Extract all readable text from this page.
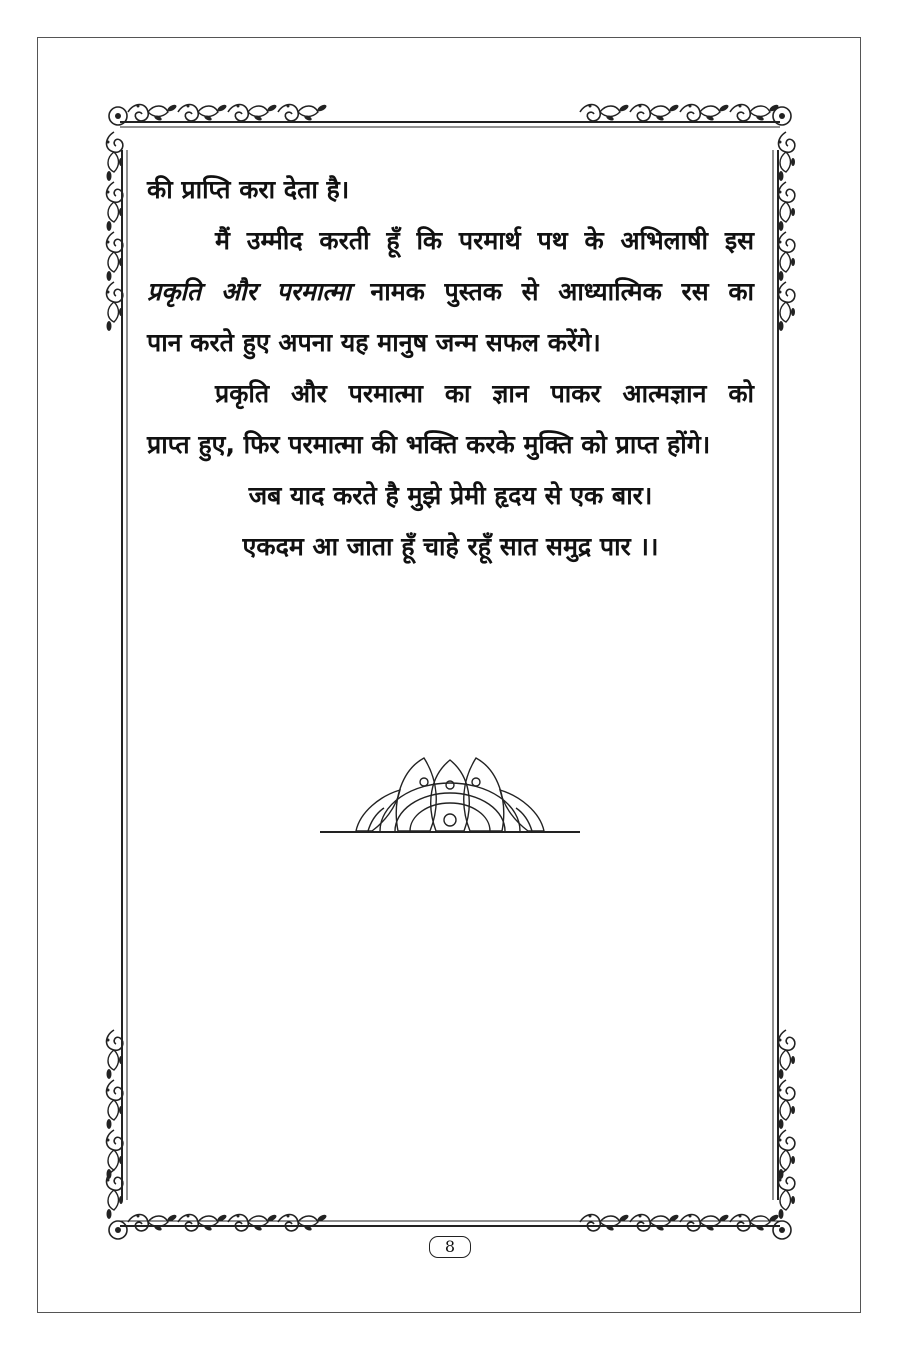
की प्राप्ति करा देता है।
मैं उम्मीद करती हूँ कि परमार्थ पथ के अभिलाषी इस
प्रकृति और परमात्मा नामक पुस्तक से आध्यात्मिक रस का
पान करते हुए अपना यह मानुष जन्म सफल करेंगे।
प्रकृति और परमात्मा का ज्ञान पाकर आत्मज्ञान को
प्राप्त हुए, फिर परमात्मा की भक्ति करके मुक्ति को प्राप्त होंगे।
जब याद करते है मुझे प्रेमी हृदय से एक बार।
एकदम आ जाता हूँ चाहे रहूँ सात समुद्र पार ।।
8
